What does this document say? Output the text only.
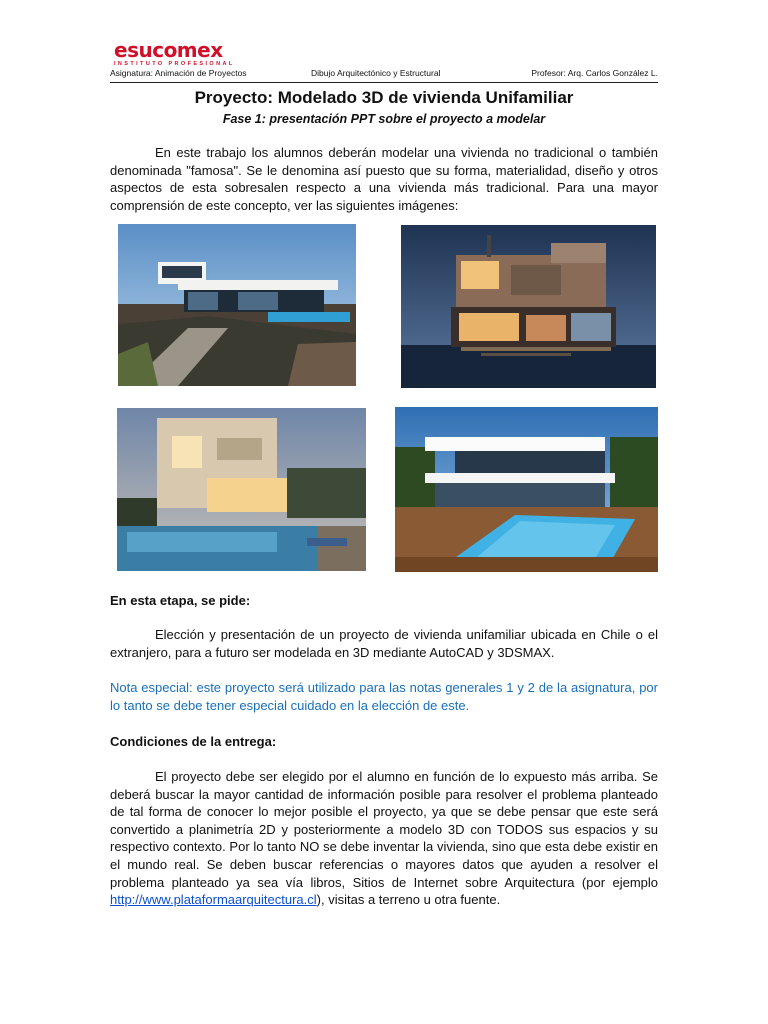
esucomex
INSTITUTO PROFESIONAL
Asignatura: Animación de Proyectos	Dibujo Arquitectónico y Estructural	Profesor: Arq. Carlos González L.
Proyecto: Modelado 3D de vivienda Unifamiliar
Fase 1: presentación PPT sobre el proyecto a modelar

En este trabajo los alumnos deberán modelar una vivienda no tradicional o también denominada "famosa". Se le denomina así puesto que su forma, materialidad, diseño y otros aspectos de esta sobresalen respecto a una vivienda más tradicional. Para una mayor comprensión de este concepto, ver las siguientes imágenes:

En esta etapa, se pide:

Elección y presentación de un proyecto de vivienda unifamiliar ubicada en Chile o el extranjero, para a futuro ser modelada en 3D mediante AutoCAD y 3DSMAX.

Nota especial: este proyecto será utilizado para las notas generales 1 y 2 de la asignatura, por lo tanto se debe tener especial cuidado en la elección de este.

Condiciones de la entrega:

El proyecto debe ser elegido por el alumno en función de lo expuesto más arriba. Se deberá buscar la mayor cantidad de información posible para resolver el problema planteado de tal forma de conocer lo mejor posible el proyecto, ya que se debe pensar que este será convertido a planimetría 2D y posteriormente a modelo 3D con TODOS sus espacios y su respectivo contexto. Por lo tanto NO se debe inventar la vivienda, sino que esta debe existir en el mundo real. Se deben buscar referencias o mayores datos que ayuden a resolver el problema planteado ya sea vía libros, Sitios de Internet sobre Arquitectura (por ejemplo http://www.plataformaarquitectura.cl), visitas a terreno u otra fuente.
